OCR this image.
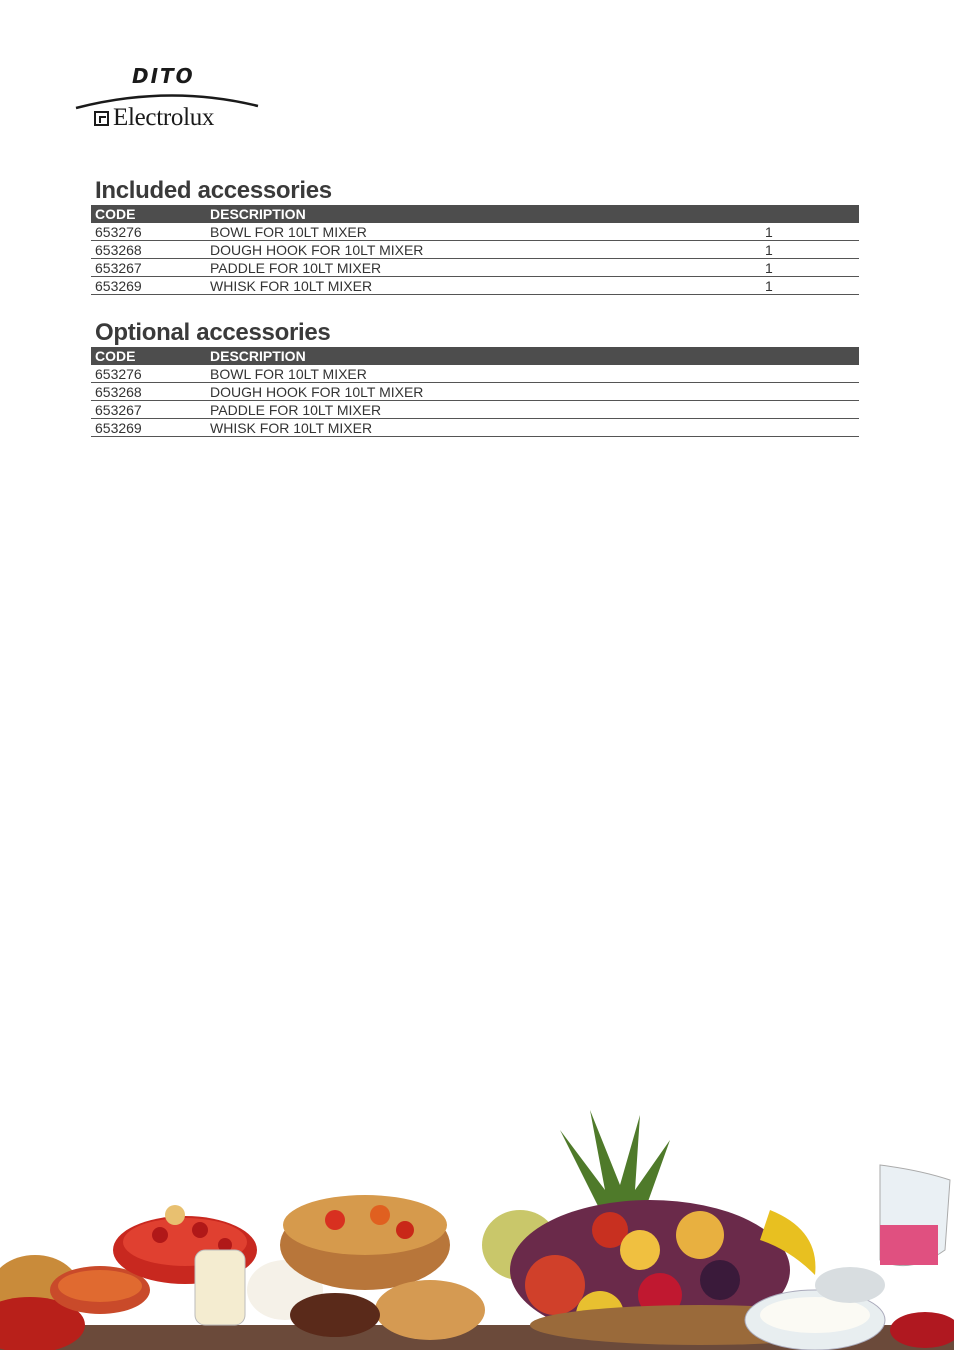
DITO
Electrolux
Included accessories
CODE	DESCRIPTION
653276	BOWL FOR 10LT MIXER	1
653268	DOUGH HOOK FOR 10LT MIXER	1
653267	PADDLE FOR 10LT MIXER	1
653269	WHISK FOR 10LT MIXER	1
Optional accessories
CODE	DESCRIPTION
653276	BOWL FOR 10LT MIXER
653268	DOUGH HOOK FOR 10LT MIXER
653267	PADDLE FOR 10LT MIXER
653269	WHISK FOR 10LT MIXER
